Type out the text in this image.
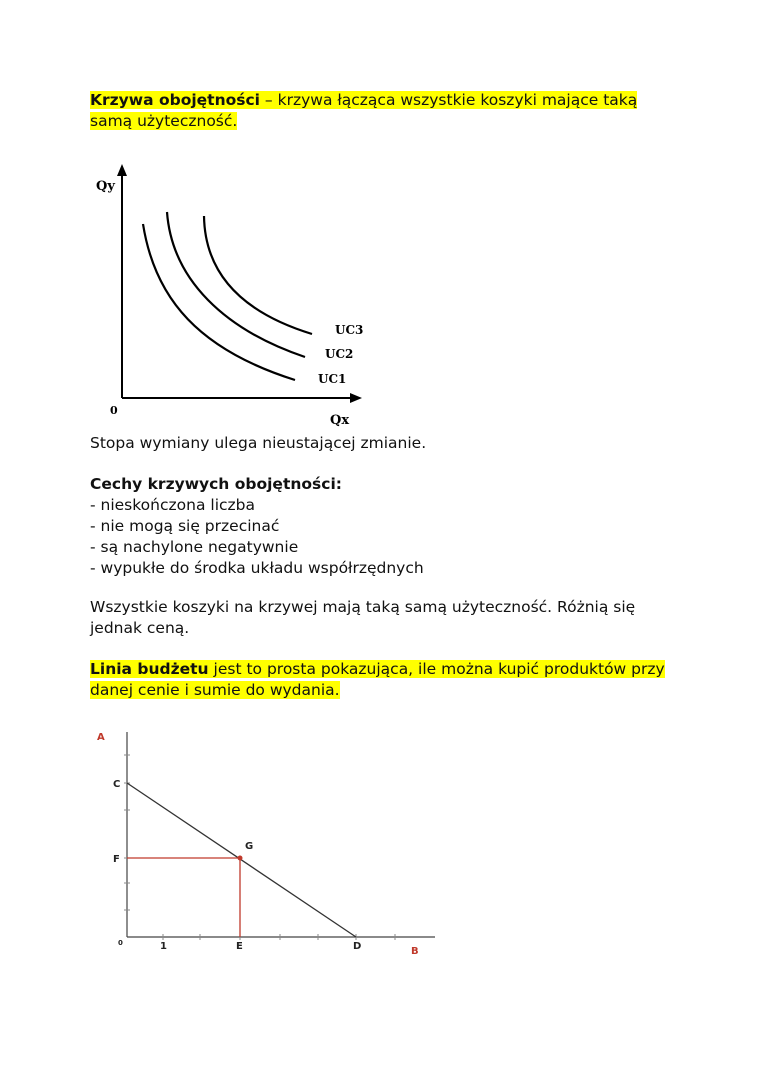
Krzywa obojętności – krzywa łącząca wszystkie koszyki mające taką
samą użyteczność.
Qy
Qx
0
UC3
UC2
UC1
Stopa wymiany ulega nieustającej zmianie.
Cechy krzywych obojętności:
- nieskończona liczba
- nie mogą się przecinać
- są nachylone negatywnie
- wypukłe do środka układu współrzędnych
Wszystkie koszyki na krzywej mają taką samą użyteczność. Różnią się
jednak ceną.
Linia budżetu jest to prosta pokazująca, ile można kupić produktów przy
danej cenie i sumie do wydania.
A
B
C
F
G
E	D
0	1
